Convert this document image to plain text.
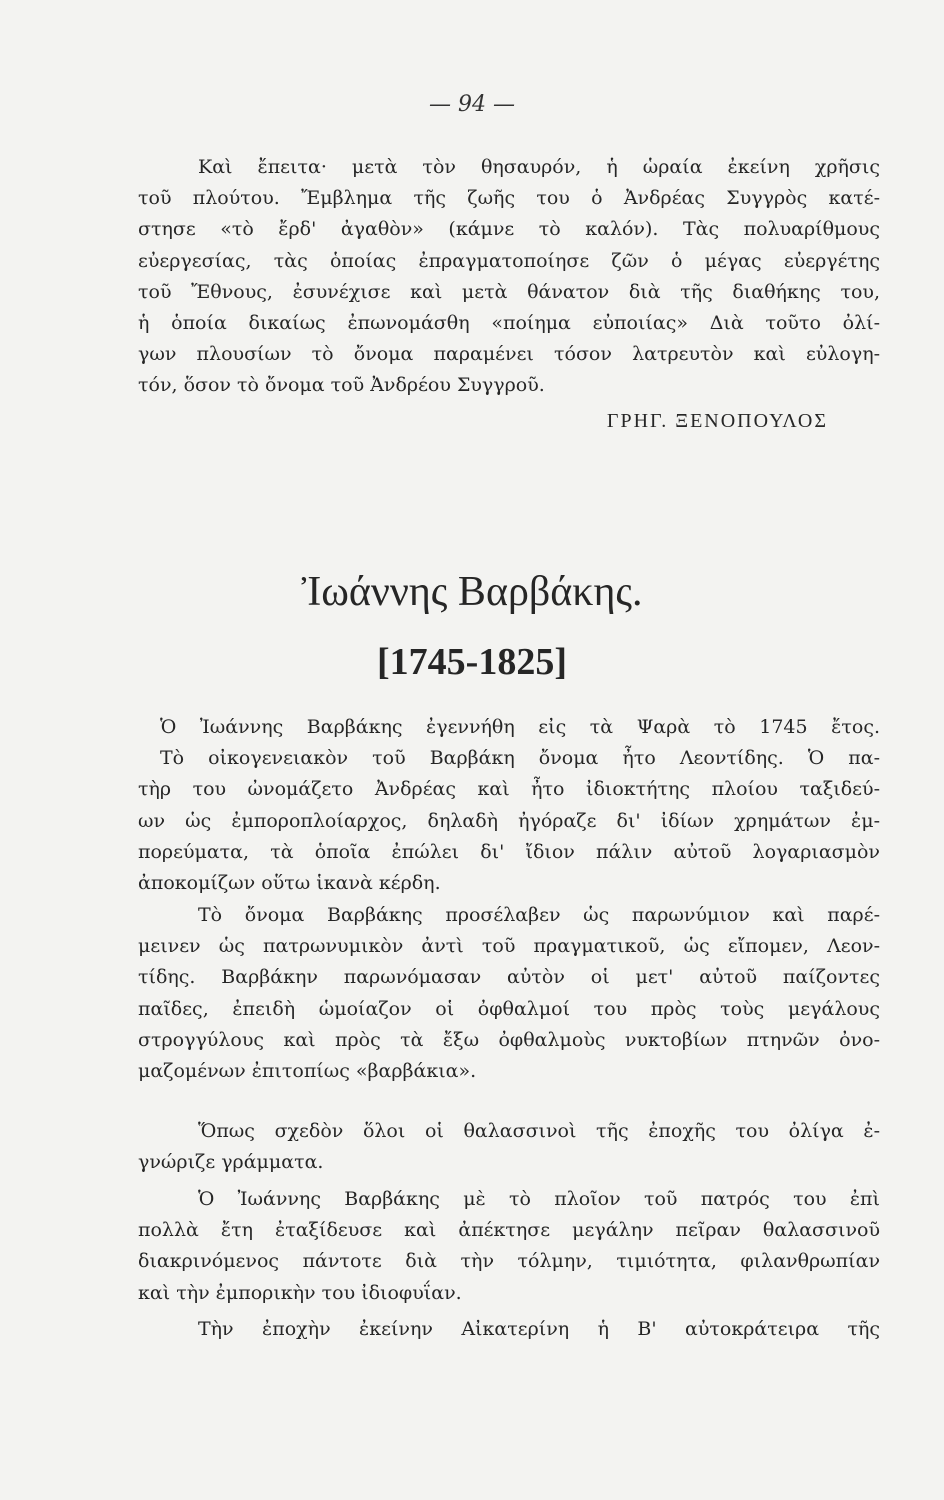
— 94 —
Καὶ ἔπειτα· μετὰ τὸν θησαυρόν, ἡ ὡραία ἐκείνη χρῆσις
τοῦ πλούτου. Ἔμβλημα τῆς ζωῆς του ὁ Ἀνδρέας Συγγρὸς κατέ-
στησε «τὸ ἔρδ' ἀγαθὸν» (κάμνε τὸ καλόν). Τὰς πολυαρίθμους
εὐεργεσίας, τὰς ὁποίας ἐπραγματοποίησε ζῶν ὁ μέγας εὐεργέτης
τοῦ Ἔθνους, ἐσυνέχισε καὶ μετὰ θάνατον διὰ τῆς διαθήκης του,
ἡ ὁποία δικαίως ἐπωνομάσθη «ποίημα εὐποιίας» Διὰ τοῦτο ὀλί-
γων πλουσίων τὸ ὄνομα παραμένει τόσον λατρευτὸν καὶ εὐλογη-
τόν, ὅσον τὸ ὄνομα τοῦ Ἀνδρέου Συγγροῦ.
ΓΡΗΓ. ΞΕΝΟΠΟΥΛΟΣ
Ἰωάννης Βαρβάκης.
[1745-1825]
Ὁ Ἰωάννης Βαρβάκης ἐγεννήθη εἰς τὰ Ψαρὰ τὸ 1745 ἔτος.
Τὸ οἰκογενειακὸν τοῦ Βαρβάκη ὄνομα ἦτο Λεοντίδης. Ὁ πα-
τὴρ του ὠνομάζετο Ἀνδρέας καὶ ἦτο ἰδιοκτήτης πλοίου ταξιδεύ-
ων ὡς ἐμποροπλοίαρχος, δηλαδὴ ἠγόραζε δι' ἰδίων χρημάτων ἐμ-
πορεύματα, τὰ ὁποῖα ἐπώλει δι' ἴδιον πάλιν αὐτοῦ λογαριασμὸν
ἀποκομίζων οὕτω ἱκανὰ κέρδη.
Τὸ ὄνομα Βαρβάκης προσέλαβεν ὡς παρωνύμιον καὶ παρέ-
μεινεν ὡς πατρωνυμικὸν ἀντὶ τοῦ πραγματικοῦ, ὡς εἴπομεν, Λεον-
τίδης. Βαρβάκην παρωνόμασαν αὐτὸν οἱ μετ' αὐτοῦ παίζοντες
παῖδες, ἐπειδὴ ὡμοίαζον οἱ ὀφθαλμοί του πρὸς τοὺς μεγάλους
στρογγύλους καὶ πρὸς τὰ ἔξω ὀφθαλμοὺς νυκτοβίων πτηνῶν ὀνο-
μαζομένων ἐπιτοπίως «βαρβάκια».
Ὅπως σχεδὸν ὅλοι οἱ θαλασσινοὶ τῆς ἐποχῆς του ὀλίγα ἐ-
γνώριζε γράμματα.
Ὁ Ἰωάννης Βαρβάκης μὲ τὸ πλοῖον τοῦ πατρός του ἐπὶ
πολλὰ ἔτη ἐταξίδευσε καὶ ἀπέκτησε μεγάλην πεῖραν θαλασσινοῦ
διακρινόμενος πάντοτε διὰ τὴν τόλμην, τιμιότητα, φιλανθρωπίαν
καὶ τὴν ἐμπορικὴν του ἰδιοφυΐαν.
Τὴν ἐποχὴν ἐκείνην Αἰκατερίνη ἡ Β' αὐτοκράτειρα τῆς
